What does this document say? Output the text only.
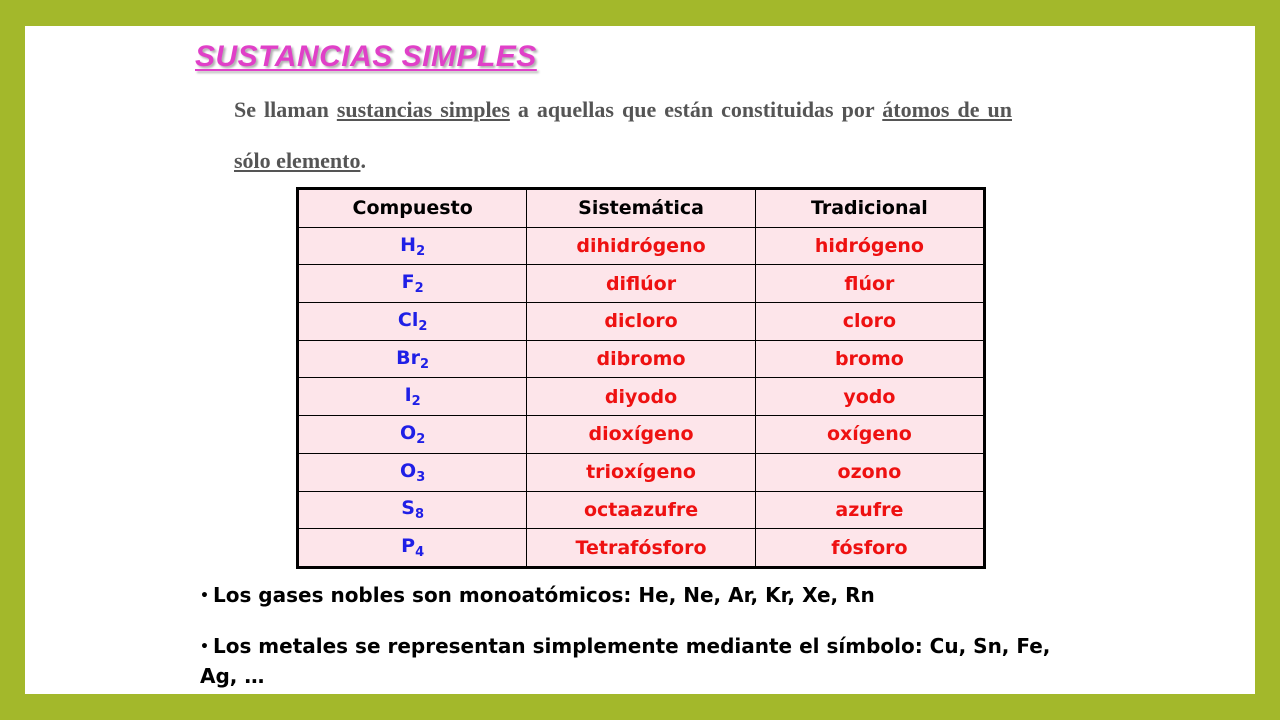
SUSTANCIAS SIMPLES

Se llaman sustancias simples a aquellas que están constituidas por átomos de un sólo elemento.

Compuesto	Sistemática	Tradicional
$H_2$	dihidrógeno	hidrógeno
$F_2$	diflúor	flúor
$Cl_2$	dicloro	cloro
$Br_2$	dibromo	bromo
$I_2$	diyodo	yodo
$O_2$	dioxígeno	oxígeno
$O_3$	trioxígeno	ozono
$S_8$	octaazufre	azufre
$P_4$	Tetrafósforo	fósforo
• Los gases nobles son monoatómicos: He, Ne, Ar, Kr, Xe, Rn
• Los metales se representan simplemente mediante el símbolo: Cu, Sn, Fe, Ag, …
